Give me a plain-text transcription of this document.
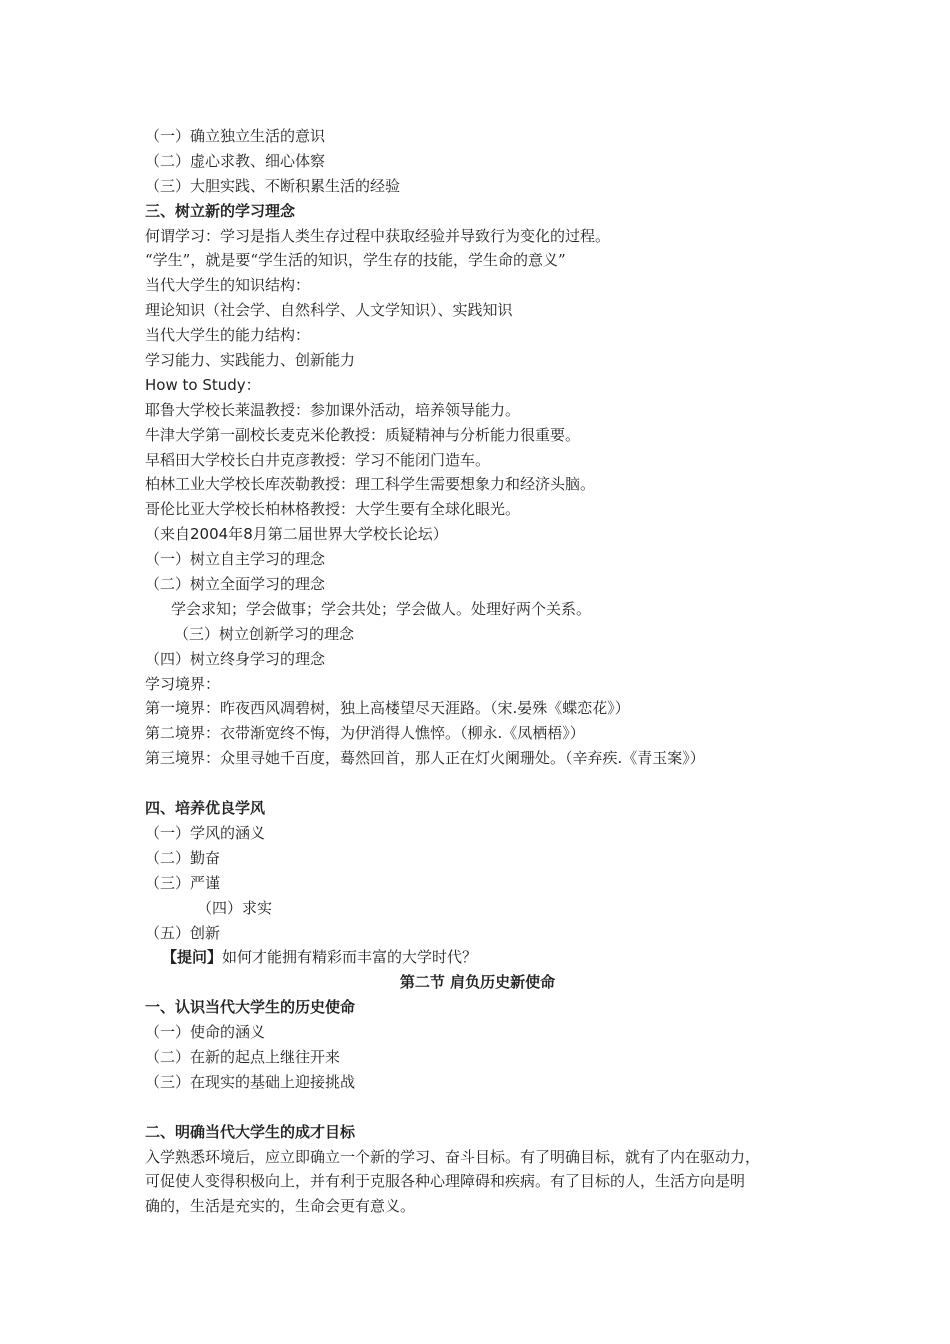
（一）确立独立生活的意识
（二）虚心求教、细心体察
（三）大胆实践、不断积累生活的经验
三、树立新的学习理念
何谓学习：学习是指人类生存过程中获取经验并导致行为变化的过程。
“学生”，就是要“学生活的知识，学生存的技能，学生命的意义”
当代大学生的知识结构：
理论知识（社会学、自然科学、人文学知识）、实践知识
当代大学生的能力结构：
学习能力、实践能力、创新能力
How to Study：
耶鲁大学校长莱温教授：参加课外活动，培养领导能力。
牛津大学第一副校长麦克米伦教授：质疑精神与分析能力很重要。
早稻田大学校长白井克彦教授：学习不能闭门造车。
柏林工业大学校长库茨勒教授：理工科学生需要想象力和经济头脑。
哥伦比亚大学校长柏林格教授：大学生要有全球化眼光。
（来自2004年8月第二届世界大学校长论坛）
（一）树立自主学习的理念
（二）树立全面学习的理念
学会求知；学会做事；学会共处；学会做人。处理好两个关系。
（三）树立创新学习的理念
（四）树立终身学习的理念
学习境界：
第一境界：昨夜西风凋碧树，独上高楼望尽天涯路。（宋.晏殊《蝶恋花》）
第二境界：衣带渐宽终不悔，为伊消得人憔悴。（柳永.《凤栖梧》）
第三境界：众里寻她千百度，蓦然回首，那人正在灯火阑珊处。（辛弃疾.《青玉案》）
四、培养优良学风
（一）学风的涵义
（二）勤奋
（三）严谨
（四）求实
（五）创新
【提问】如何才能拥有精彩而丰富的大学时代？
第二节 肩负历史新使命
一、认识当代大学生的历史使命
（一）使命的涵义
（二）在新的起点上继往开来
（三）在现实的基础上迎接挑战
二、明确当代大学生的成才目标
入学熟悉环境后，应立即确立一个新的学习、奋斗目标。有了明确目标，就有了内在驱动力，
可促使人变得积极向上，并有利于克服各种心理障碍和疾病。有了目标的人，生活方向是明
确的，生活是充实的，生命会更有意义。
